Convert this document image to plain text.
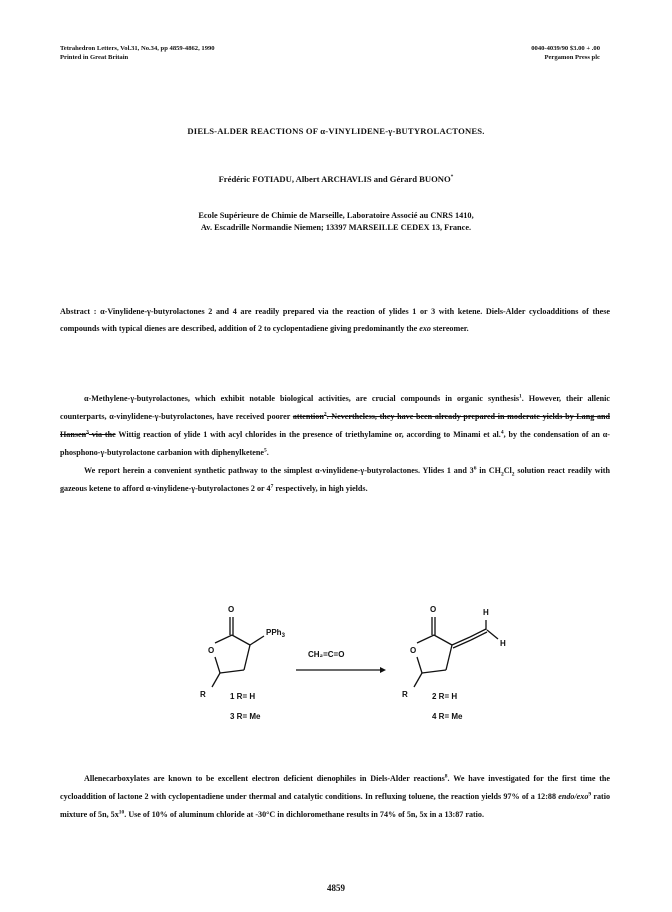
Tetrahedron Letters, Vol.31, No.34, pp 4859-4862, 1990
Printed in Great Britain
0040-4039/90 $3.00 + .00
Pergamon Press plc
DIELS-ALDER REACTIONS OF α-VINYLIDENE-γ-BUTYROLACTONES.
Frédéric FOTIADU, Albert ARCHAVLIS and Gérard BUONO*
Ecole Supérieure de Chimie de Marseille, Laboratoire Associé au CNRS 1410,
Av. Escadrille Normandie Niemen; 13397 MARSEILLE CEDEX 13, France.
Abstract : α-Vinylidene-γ-butyrolactones 2 and 4 are readily prepared via the reaction of ylides 1 or 3 with ketene. Diels-Alder cycloadditions of these compounds with typical dienes are described, addition of 2 to cyclopentadiene giving predominantly the exo stereomer.

α-Methylene-γ-butyrolactones, which exhibit notable biological activities, are crucial compounds in organic synthesis$^1$. However, their allenic counterparts, α-vinylidene-γ-butyrolactones, have received poorer attention$^2$. Nevertheless, they have been already prepared in moderate yields by Lang and Hansen$^3$ via the Wittig reaction of ylide 1 with acyl chlorides in the presence of triethylamine or, according to Minami et al.$^4$, by the condensation of an α-phosphono-γ-butyrolactone carbanion with diphenylketene$^5$.

We report herein a convenient synthetic pathway to the simplest α-vinylidene-γ-butyrolactones. Ylides 1 and $3^6$ in $CH_2Cl_2$ solution react readily with gazeous ketene to afford α-vinylidene-γ-butyrolactones 2 or $4^7$ respectively, in high yields.

O
O
PPh$_3$
R
CH₂=C=O
O
O
H
H
R
1 R= H
3 R= Me
2 R= H
4 R= Me

Allenecarboxylates are known to be excellent electron deficient dienophiles in Diels-Alder reactions$^8$. We have investigated for the first time the cycloaddition of lactone 2 with cyclopentadiene under thermal and catalytic conditions. In refluxing toluene, the reaction yields 97% of a 12:88 endo/exo$^9$ ratio mixture of 5n, $5x^{10}$. Use of 10% of aluminum chloride at -30°C in dichloromethane results in 74% of 5n, 5x in a 13:87 ratio.

4859
